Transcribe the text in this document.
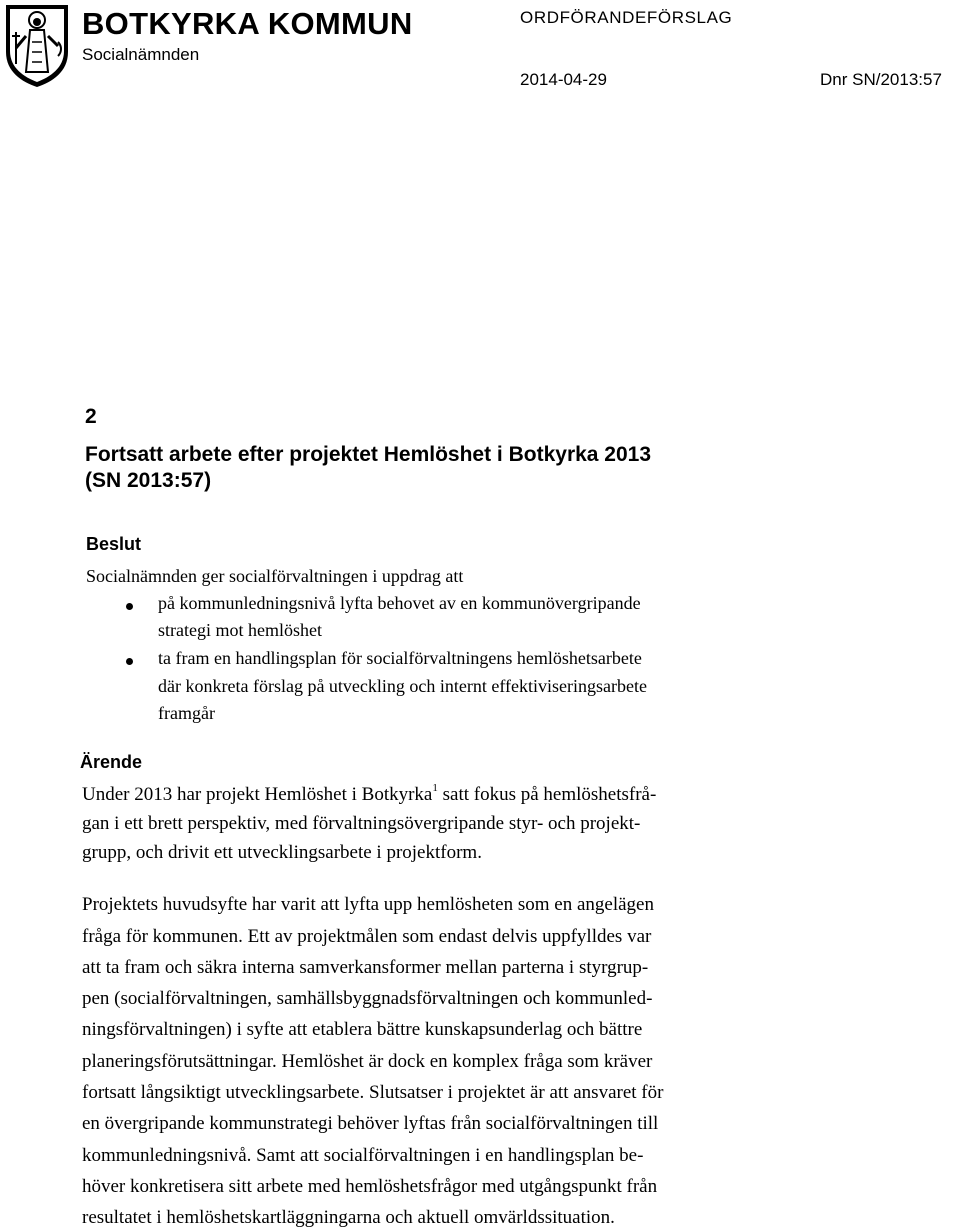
BOTKYRKA KOMMUN
Socialnämnden
ORDFÖRANDEFÖRSLAG
2014-04-29	Dnr SN/2013:57
2
Fortsatt arbete efter projektet Hemlöshet i Botkyrka 2013
(SN 2013:57)
Beslut
Socialnämnden ger socialförvaltningen i uppdrag att
på kommunledningsnivå lyfta behovet av en kommunövergripande
strategi mot hemlöshet
ta fram en handlingsplan för socialförvaltningens hemlöshetsarbete
där konkreta förslag på utveckling och internt effektiviseringsarbete
framgår
Ärende
Under 2013 har projekt Hemlöshet i Botkyrka$^1$ satt fokus på hemlöshetsfrå-
gan i ett brett perspektiv, med förvaltningsövergripande styr- och projekt-
grupp, och drivit ett utvecklingsarbete i projektform.
Projektets huvudsyfte har varit att lyfta upp hemlösheten som en angelägen
fråga för kommunen. Ett av projektmålen som endast delvis uppfylldes var
att ta fram och säkra interna samverkansformer mellan parterna i styrgrup-
pen (socialförvaltningen, samhällsbyggnadsförvaltningen och kommunled-
ningsförvaltningen) i syfte att etablera bättre kunskapsunderlag och bättre
planeringsförutsättningar. Hemlöshet är dock en komplex fråga som kräver
fortsatt långsiktigt utvecklingsarbete. Slutsatser i projektet är att ansvaret för
en övergripande kommunstrategi behöver lyftas från socialförvaltningen till
kommunledningsnivå. Samt att socialförvaltningen i en handlingsplan be-
höver konkretisera sitt arbete med hemlöshetsfrågor med utgångspunkt från
resultatet i hemlöshetskartläggningarna och aktuell omvärldssituation.
